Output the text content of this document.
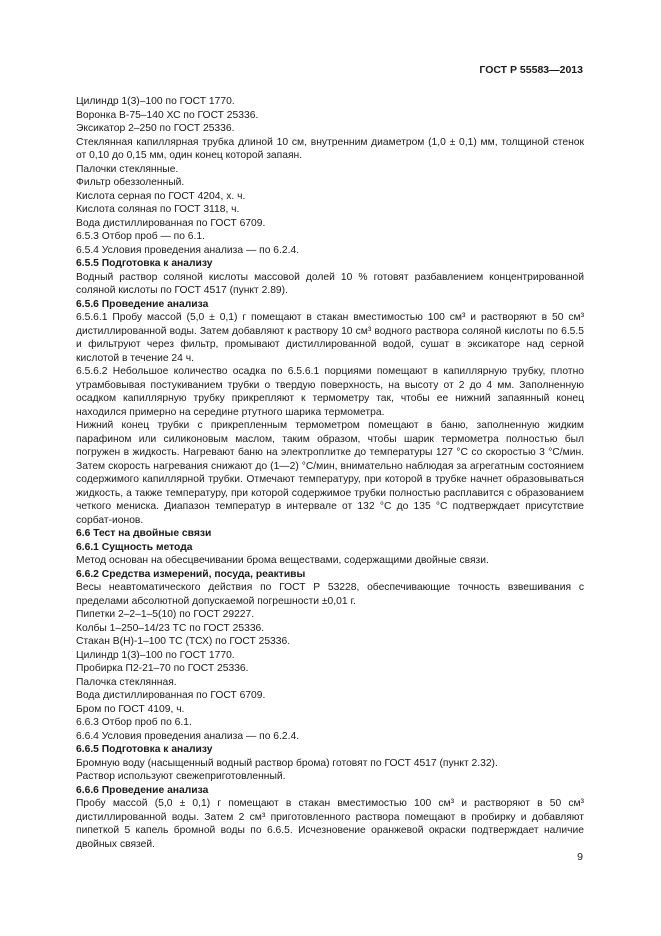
ГОСТ Р 55583—2013

Цилиндр 1(3)–100 по ГОСТ 1770.

Воронка В-75–140 ХС по ГОСТ 25336.

Эксикатор 2–250 по ГОСТ 25336.

Стеклянная капиллярная трубка длиной 10 см, внутренним диаметром (1,0 ± 0,1) мм, толщиной стенок от 0,10 до 0,15 мм, один конец которой запаян.

Палочки стеклянные.

Фильтр обеззоленный.

Кислота серная по ГОСТ 4204, х. ч.

Кислота соляная по ГОСТ 3118, ч.

Вода дистиллированная по ГОСТ 6709.

6.5.3 Отбор проб — по 6.1.

6.5.4 Условия проведения анализа — по 6.2.4.

6.5.5 Подготовка к анализу

Водный раствор соляной кислоты массовой долей 10 % готовят разбавлением концентрированной соляной кислоты по ГОСТ 4517 (пункт 2.89).

6.5.6 Проведение анализа

6.5.6.1 Пробу массой (5,0 ± 0,1) г помещают в стакан вместимостью 100 см³ и растворяют в 50 см³ дистиллированной воды. Затем добавляют к раствору 10 см³ водного раствора соляной кислоты по 6.5.5 и фильтруют через фильтр, промывают дистиллированной водой, сушат в эксикаторе над серной кислотой в течение 24 ч.

6.5.6.2 Небольшое количество осадка по 6.5.6.1 порциями помещают в капиллярную трубку, плотно утрамбовывая постукиванием трубки о твердую поверхность, на высоту от 2 до 4 мм. Заполненную осадком капиллярную трубку прикрепляют к термометру так, чтобы ее нижний запаянный конец находился примерно на середине ртутного шарика термометра.

Нижний конец трубки с прикрепленным термометром помещают в баню, заполненную жидким парафином или силиконовым маслом, таким образом, чтобы шарик термометра полностью был погружен в жидкость. Нагревают баню на электроплитке до температуры 127 °С со скоростью 3 °С/мин. Затем скорость нагревания снижают до (1—2) °С/мин, внимательно наблюдая за агрегатным состоянием содержимого капиллярной трубки. Отмечают температуру, при которой в трубке начнет образовываться жидкость, а также температуру, при которой содержимое трубки полностью расплавится с образованием четкого мениска. Диапазон температур в интервале от 132 °С до 135 °С подтверждает присутствие сорбат-ионов.

6.6 Тест на двойные связи

6.6.1 Сущность метода

Метод основан на обесцвечивании брома веществами, содержащими двойные связи.

6.6.2 Средства измерений, посуда, реактивы

Весы неавтоматического действия по ГОСТ Р 53228, обеспечивающие точность взвешивания с пределами абсолютной допускаемой погрешности ±0,01 г.

Пипетки 2–2–1–5(10) по ГОСТ 29227.

Колбы 1–250–14/23 ТС по ГОСТ 25336.

Стакан В(Н)-1–100 ТС (ТСХ) по ГОСТ 25336.

Цилиндр 1(3)–100 по ГОСТ 1770.

Пробирка П2-21–70 по ГОСТ 25336.

Палочка стеклянная.

Вода дистиллированная по ГОСТ 6709.

Бром по ГОСТ 4109, ч.

6.6.3 Отбор проб по 6.1.

6.6.4 Условия проведения анализа — по 6.2.4.

6.6.5 Подготовка к анализу

Бромную воду (насыщенный водный раствор брома) готовят по ГОСТ 4517 (пункт 2.32).

Раствор используют свежеприготовленный.

6.6.6 Проведение анализа

Пробу массой (5,0 ± 0,1) г помещают в стакан вместимостью 100 см³ и растворяют в 50 см³ дистиллированной воды. Затем 2 см³ приготовленного раствора помещают в пробирку и добавляют пипеткой 5 капель бромной воды по 6.6.5. Исчезновение оранжевой окраски подтверждает наличие двойных связей.

9
